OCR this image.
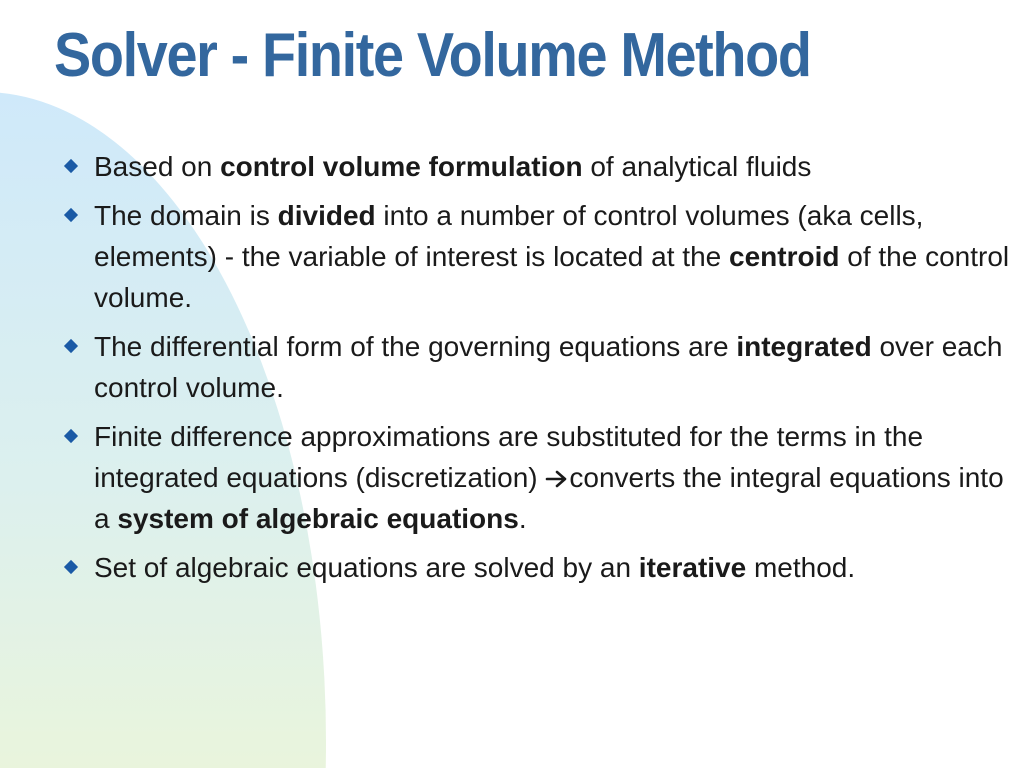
Solver - Finite Volume Method
Based on control volume formulation of analytical fluids
The domain is divided into a number of control volumes (aka cells, elements) - the variable of interest is located at the centroid of the control volume.
The differential form of the governing equations are integrated over each control volume.
Finite difference approximations are substituted for the terms in the integrated equations (discretization) converts the integral equations into a system of algebraic equations.
Set of algebraic equations are solved by an iterative method.
